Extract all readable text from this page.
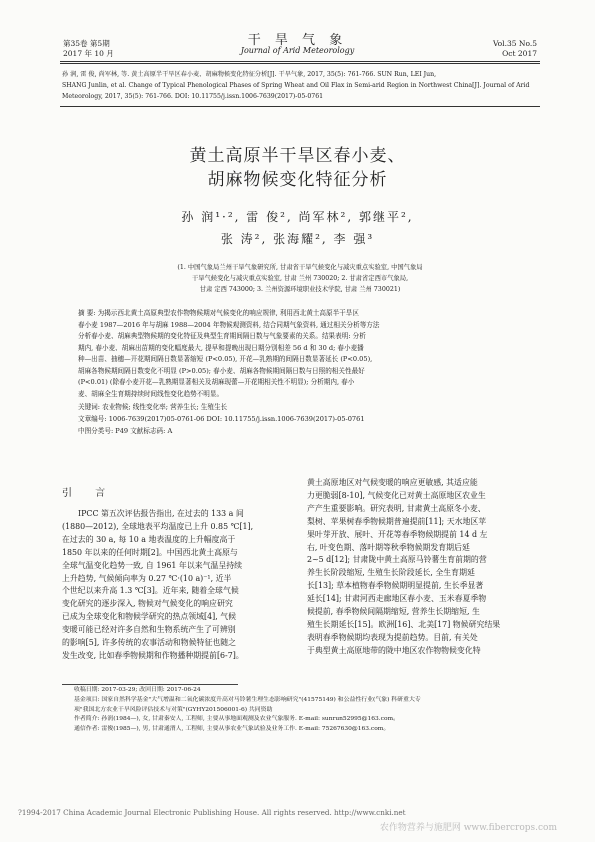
第35卷 第5期
2017 年 10 月
干 旱 气 象
Journal of Arid Meteorology
Vol.35 No.5
Oct 2017
孙 润, 雷 俊, 尚军林, 等. 黄土高原半干旱区春小麦、胡麻物候变化特征分析[J]. 干旱气象, 2017, 35(5): 761-766. SUN Run, LEI Jun,
SHANG Junlin, et al. Change of Typical Phenological Phases of Spring Wheat and Oil Flax in Semi-arid Region in Northwest China[J]. Journal of Arid
Meteorology, 2017, 35(5): 761-766. DOI: 10.11755/j.issn.1006-7639(2017)-05-0761
黄土高原半干旱区春小麦、
胡麻物候变化特征分析
孙 润¹·², 雷 俊², 尚军林², 郭继平²,
张 涛², 张海耀², 李 强³
(1. 中国气象局兰州干旱气象研究所, 甘肃省干旱气候变化与减灾重点实验室, 中国气象局
干旱气候变化与减灾重点实验室, 甘肃 兰州 730020; 2. 甘肃省定西市气象局,
甘肃 定西 743000; 3. 兰州资源环境职业技术学院, 甘肃 兰州 730021)
摘 要: 为揭示西北黄土高原典型农作物物候期对气候变化的响应规律, 利用西北黄土高原半干旱区
春小麦 1987—2016 年与胡麻 1988—2004 年物候观测资料, 结合同期气象资料, 通过相关分析等方法
分析春小麦、胡麻典型物候期的变化特征及典型生育期间隔日数与气象要素的关系。结果表明: 分析
期内, 春小麦、胡麻出苗期的变化幅度最大, 提早和提晚出现日期分别相差 56 d 和 30 d; 春小麦播
种—出苗、抽穗—开花期间隔日数显著缩短 (P<0.05), 开花—乳熟期的间隔日数显著延长 (P<0.05),
胡麻各物候期间隔日数变化不明显 (P>0.05); 春小麦、胡麻各物候期间隔日数与日照的相关性最好
(P<0.01) (除春小麦开花—乳熟期显著相关及胡麻现蕾—开花期相关性不明显); 分析期内, 春小
麦、胡麻全生育期持续时间线性变化趋势不明显。
关键词: 农业物候; 线性变化率; 营养生长; 生殖生长
文章编号: 1006-7639(2017)05-0761-06 DOI: 10.11755/j.issn.1006-7639(2017)-05-0761
中图分类号: P49 文献标志码: A
引 言
IPCC 第五次评估报告指出, 在过去的 133 a 间
(1880—2012), 全球地表平均温度已上升 0.85 ℃[1],
在过去的 30 a, 每 10 a 地表温度的上升幅度高于
1850 年以来的任何时期[2]。中国西北黄土高原与
全球气温变化趋势一致, 自 1961 年以来气温呈持续
上升趋势, 气候倾向率为 0.27 ℃·(10 a)⁻¹, 近半
个世纪以来升高 1.3 ℃[3]。近年来, 随着全球气候
变化研究的逐步深入, 物候对气候变化的响应研究
已成为全球变化和物候学研究的热点领域[4], 气候
变暖可能已经对许多自然和生物系统产生了可辨别
的影响[5], 许多传统的农事活动和物候特征也随之
发生改变, 比如春季物候期和作物播种期提前[6-7]。
黄土高原地区对气候变暖的响应更敏感, 其适应能
力更脆弱[8-10], 气候变化已对黄土高原地区农业生
产产生重要影响。研究表明, 甘肃黄土高原冬小麦、
梨树、苹果树春季物候期普遍提前[11]; 天水地区苹
果叶芽开放、展叶、开花等春季物候期提前 14 d 左
右, 叶变色期、落叶期等秋季物候期发育期后延
2~5 d[12]; 甘肃陇中黄土高原马铃薯生育前期的营
养生长阶段缩短, 生殖生长阶段延长, 全生育期延
长[13]; 草本植物春季物候期明显提前, 生长季显著
延长[14]; 甘肃河西走廊地区春小麦、玉米春夏季物
候提前, 春季物候间隔期缩短, 营养生长期缩短, 生
殖生长期延长[15]。欧洲[16]、北美[17] 物候研究结果
表明春季物候期均表现为提前趋势。目前, 有关处
于典型黄土高原地带的陇中地区农作物物候变化特
收稿日期: 2017-03-29; 改回日期: 2017-06-24
基金项目: 国家自然科学基金"大气增温和二氧化碳浓度升高对马铃薯生理生态影响研究"(41575149) 和公益性行业(气象) 科研重大专
项"我国北方农业干旱风险评估技术与对策"(GYHY201506001-6) 共同资助
作者简介: 孙润(1984—), 女, 甘肃秦安人, 工程师, 主要从事地面观测及农业气象服务. E-mail: sunrun52995@163.com。
通信作者: 雷俊(1985—), 男, 甘肃通渭人, 工程师, 主要从事农业气象试验及业务工作. E-mail: 75267630@163.com。
?1994-2017 China Academic Journal Electronic Publishing House. All rights reserved. http://www.cnki.net
农作物营养与施肥网 www.fibercrops.com
